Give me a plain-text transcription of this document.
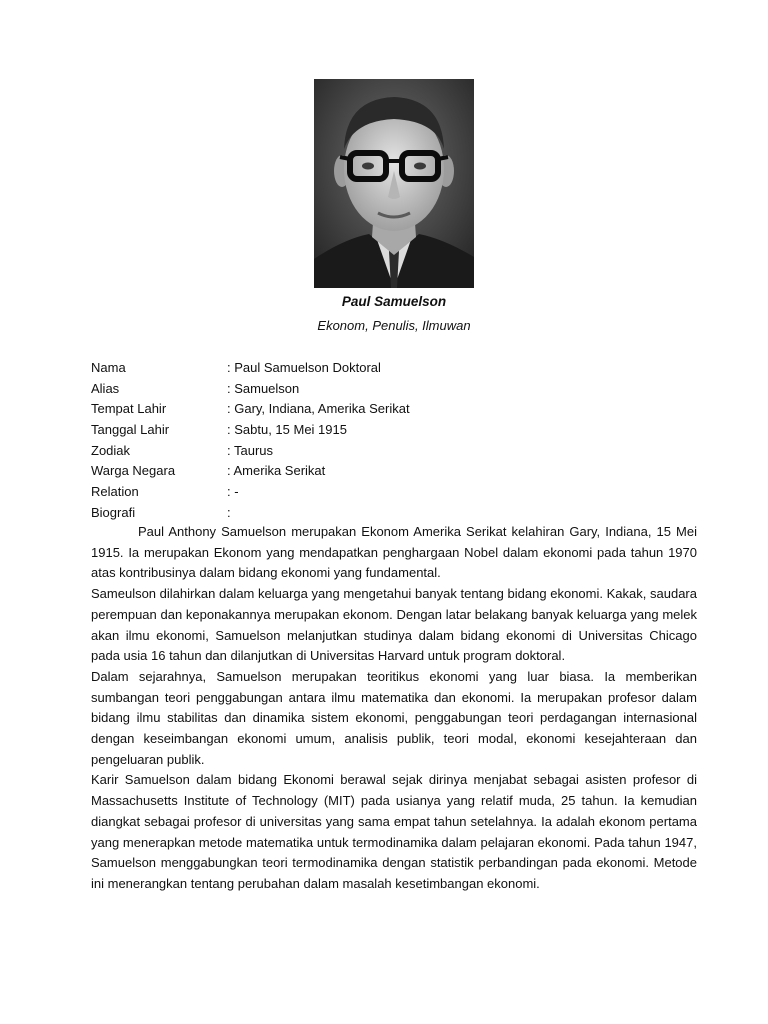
Paul Samuelson
Ekonom, Penulis, Ilmuwan
Nama	: Paul Samuelson Doktoral
Alias	: Samuelson
Tempat Lahir	: Gary, Indiana, Amerika Serikat
Tanggal Lahir	: Sabtu, 15 Mei 1915
Zodiak	: Taurus
Warga Negara	: Amerika Serikat
Relation	: -
Biografi	:

Paul Anthony Samuelson merupakan Ekonom Amerika Serikat kelahiran Gary, Indiana, 15 Mei 1915. Ia merupakan Ekonom yang mendapatkan penghargaan Nobel dalam ekonomi pada tahun 1970 atas kontribusinya dalam bidang ekonomi yang fundamental.

Sameulson dilahirkan dalam keluarga yang mengetahui banyak tentang bidang ekonomi. Kakak, saudara perempuan dan keponakannya merupakan ekonom. Dengan latar belakang banyak keluarga yang melek akan ilmu ekonomi, Samuelson melanjutkan studinya dalam bidang ekonomi di Universitas Chicago pada usia 16 tahun dan dilanjutkan di Universitas Harvard untuk program doktoral.

Dalam sejarahnya, Samuelson merupakan teoritikus ekonomi yang luar biasa. Ia memberikan sumbangan teori penggabungan antara ilmu matematika dan ekonomi. Ia merupakan profesor dalam bidang ilmu stabilitas dan dinamika sistem ekonomi, penggabungan teori perdagangan internasional dengan keseimbangan ekonomi umum, analisis publik, teori modal, ekonomi kesejahteraan dan pengeluaran publik.

Karir Samuelson dalam bidang Ekonomi berawal sejak dirinya menjabat sebagai asisten profesor di Massachusetts Institute of Technology (MIT) pada usianya yang relatif muda, 25 tahun. Ia kemudian diangkat sebagai profesor di universitas yang sama empat tahun setelahnya. Ia adalah ekonom pertama yang menerapkan metode matematika untuk termodinamika dalam pelajaran ekonomi. Pada tahun 1947, Samuelson menggabungkan teori termodinamika dengan statistik perbandingan pada ekonomi. Metode ini menerangkan tentang perubahan dalam masalah kesetimbangan ekonomi.
